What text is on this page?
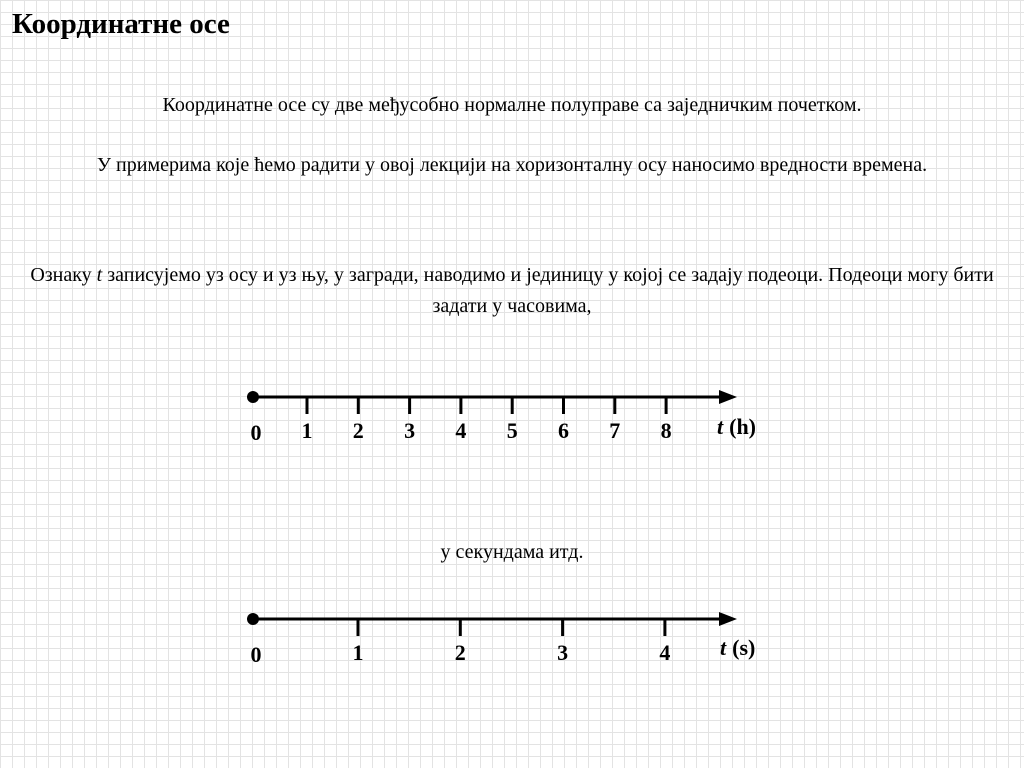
Координатне осе

Координатне осе су две међусобно нормалне полуправе са заједничким почетком.

У примерима које ћемо радити у овој лекцији на хоризонталну осу наносимо вредности времена.

Ознаку t записујемо уз осу и уз њу, у загради, наводимо и јединицу у којој се задају подеоци. Подеоци могу бити задати у часовима,

у секундама итд.

0 1 2 3 4 5 6 7 8 t (h)
0	1	2	3	4 t (s)
